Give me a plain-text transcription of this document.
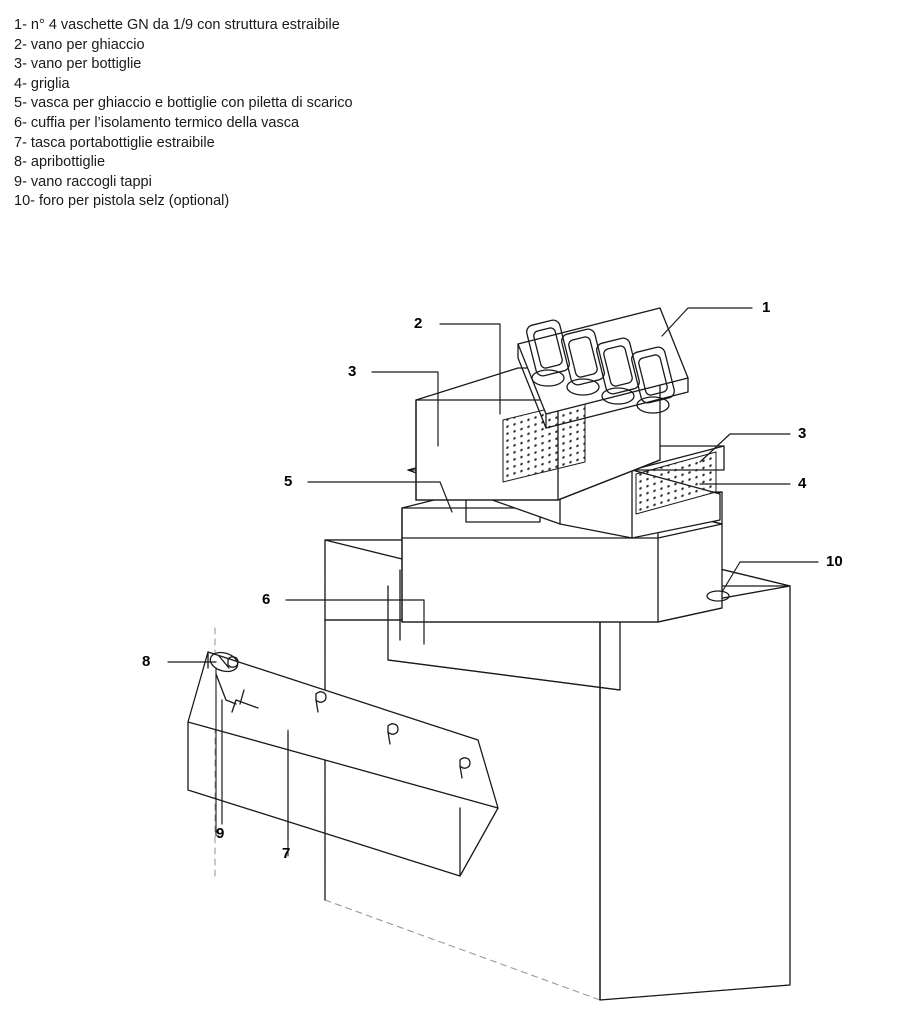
1- n° 4 vaschette GN da 1/9 con struttura estraibile
2- vano per ghiaccio
3- vano per bottiglie
4- griglia
5- vasca per ghiaccio e bottiglie con piletta di scarico
6- cuffia per l’isolamento termico della vasca
7- tasca portabottiglie estraibile
8- apribottiglie
9- vano raccogli tappi
10- foro per pistola selz (optional)
1
2
3
3
4
5
6
7
8
9
10
